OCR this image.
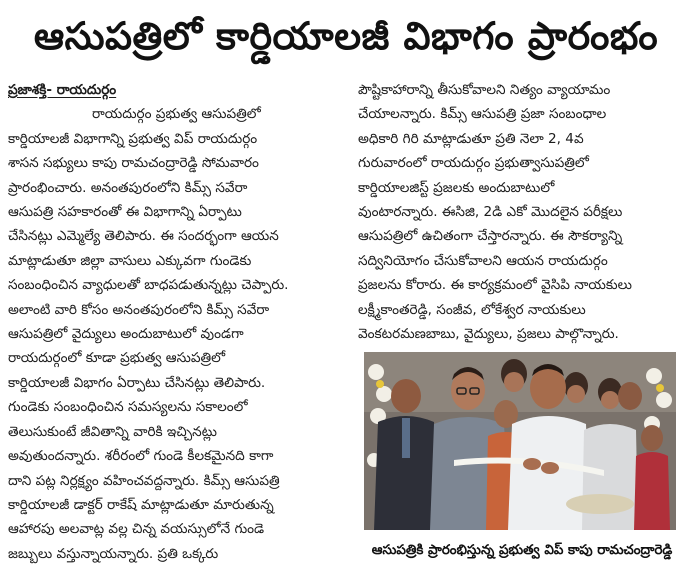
ఆసుపత్రిలో కార్డియాలజీ విభాగం ప్రారంభం
ప్రజాశక్తి- రాయదుర్గం
రాయదుర్గం ప్రభుత్వ ఆసుపత్రిలో
కార్డియాలజీ విభాగాన్ని ప్రభుత్వ విప్ రాయదుర్గం
శాసన సభ్యులు కాపు రామచంద్రారెడ్డి సోమవారం
ప్రారంభించారు. అనంతపురంలోని కిమ్స్ సవేరా
ఆసుపత్రి సహకారంతో ఈ విభాగాన్ని ఏర్పాటు
చేసినట్లు ఎమ్మెల్యే తెలిపారు. ఈ సందర్భంగా ఆయన
మాట్లాడుతూ జిల్లా వాసులు ఎక్కువగా గుండెకు
సంబంధించిన వ్యాధులతో బాధపడుతున్నట్లు చెప్పారు.
అలాంటి వారి కోసం అనంతపురంలోని కిమ్స్ సవేరా
ఆసుపత్రిలో వైద్యులు అందుబాటులో వుండగా
రాయదుర్గంలో కూడా ప్రభుత్వ ఆసుపత్రిలో
కార్డియాలజీ విభాగం ఏర్పాటు చేసినట్లు తెలిపారు.
గుండెకు సంబంధించిన సమస్యలను సకాలంలో
తెలుసుకుంటే జీవితాన్ని వారికి ఇచ్చినట్లు
అవుతుందన్నారు. శరీరంలో గుండె కీలకమైనది కాగా
దాని పట్ల నిర్లక్ష్యం వహించవద్దన్నారు. కిమ్స్ ఆసుపత్రి
కార్డియాలజీ డాక్టర్ రాకేష్ మాట్లాడుతూ మారుతున్న
ఆహారపు అలవాట్ల వల్ల చిన్న వయస్సులోనే గుండె
జబ్బులు వస్తున్నాయన్నారు. ప్రతి ఒక్కరు
పౌష్టికాహారాన్ని తీసుకోవాలని నిత్యం వ్యాయామం
చేయాలన్నారు. కిమ్స్ ఆసుపత్రి ప్రజా సంబంధాల
అధికారి గిరి మాట్లాడుతూ ప్రతి నెలా 2, 4వ
గురువారంలో రాయదుర్గం ప్రభుత్వాసుపత్రిలో
కార్డియాలజిస్ట్ ప్రజలకు అందుబాటులో
వుంటారన్నారు. ఈసిజి, 2డి ఎకో మొదలైన పరీక్షలు
ఆసుపత్రిలో ఉచితంగా చేస్తారన్నారు. ఈ సౌకర్యాన్ని
సద్వినియోగం చేసుకోవాలని ఆయన రాయదుర్గం
ప్రజలను కోరారు. ఈ కార్యక్రమంలో వైసిపి నాయకులు
లక్ష్మీకాంతరెడ్డి, సంజీవ, లోకేశ్వర నాయకులు
వెంకటరమణబాబు, వైద్యులు, ప్రజలు పాల్గొన్నారు.
ఆసుపత్రికి ప్రారంభిస్తున్న ప్రభుత్వ విప్ కాపు రామచంద్రారెడ్డి
